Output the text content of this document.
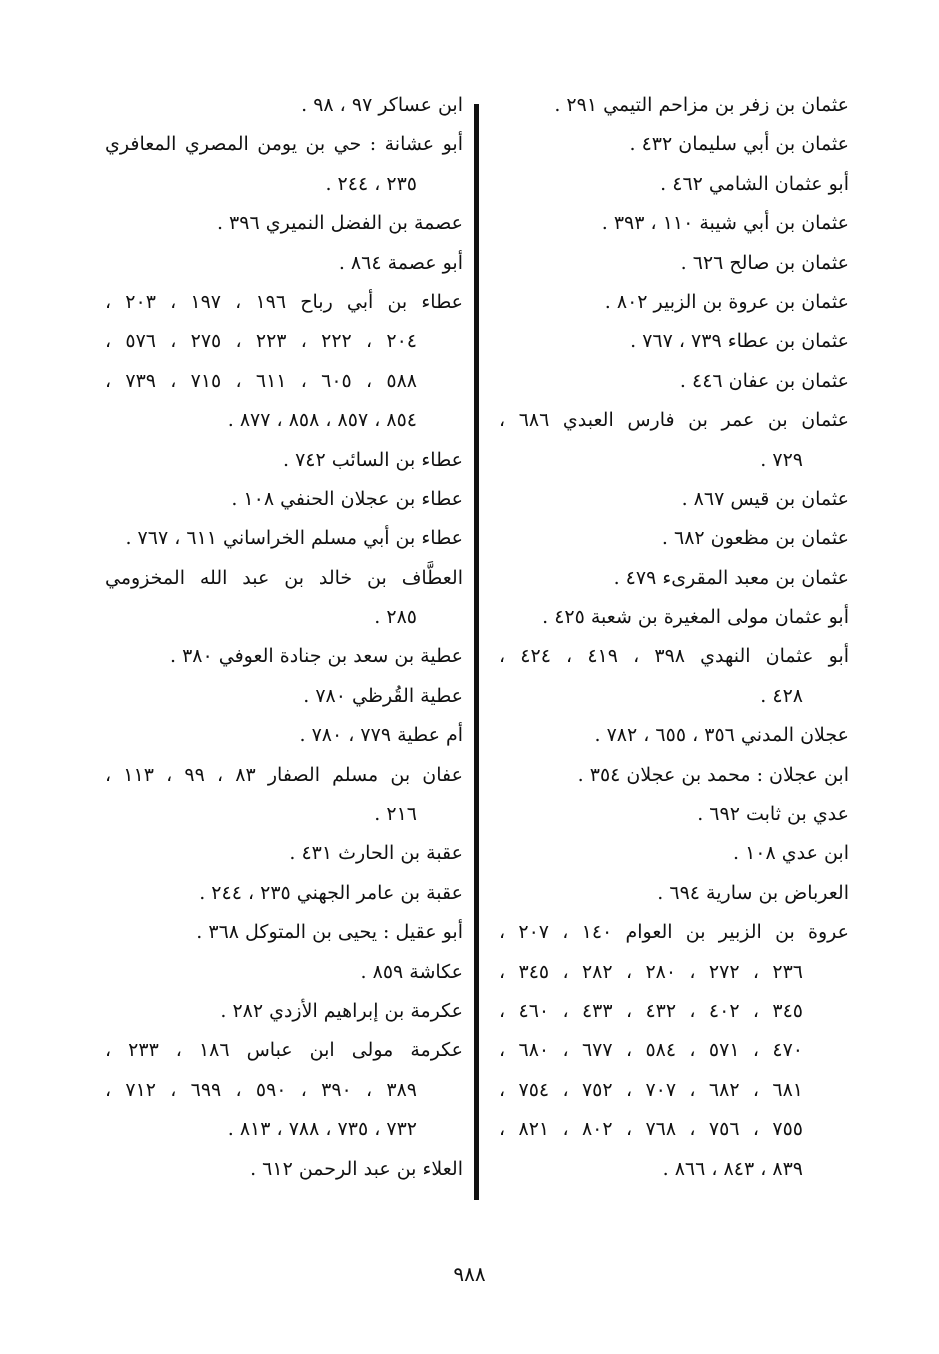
عثمان بن زفر بن مزاحم التيمي ٢٩١ .
عثمان بن أبي سليمان ٤٣٢ .
أبو عثمان الشامي ٤٦٢ .
عثمان بن أبي شيبة ١١٠ ، ٣٩٣ .
عثمان بن صالح ٦٢٦ .
عثمان بن عروة بن الزبير ٨٠٢ .
عثمان بن عطاء ٧٣٩ ، ٧٦٧ .
عثمان بن عفان ٤٤٦ .
عثمان بن عمر بن فارس العبدي ٦٨٦ ،
٧٢٩ .
عثمان بن قيس ٨٦٧ .
عثمان بن مظعون ٦٨٢ .
عثمان بن معبد المقرىء ٤٧٩ .
أبو عثمان مولى المغيرة بن شعبة ٤٢٥ .
أبو عثمان النهدي ٣٩٨ ، ٤١٩ ، ٤٢٤ ،
٤٢٨ .
عجلان المدني ٣٥٦ ، ٦٥٥ ، ٧٨٢ .
ابن عجلان : محمد بن عجلان ٣٥٤ .
عدي بن ثابت ٦٩٢ .
ابن عدي ١٠٨ .
العرباض بن سارية ٦٩٤ .
عروة بن الزبير بن العوام ١٤٠ ، ٢٠٧ ،
٢٣٦ ، ٢٧٢ ، ٢٨٠ ، ٢٨٢ ، ٣٤٥ ،
٣٤٥ ، ٤٠٢ ، ٤٣٢ ، ٤٣٣ ، ٤٦٠ ،
٤٧٠ ، ٥٧١ ، ٥٨٤ ، ٦٧٧ ، ٦٨٠ ،
٦٨١ ، ٦٨٢ ، ٧٠٧ ، ٧٥٢ ، ٧٥٤ ،
٧٥٥ ، ٧٥٦ ، ٧٦٨ ، ٨٠٢ ، ٨٢١ ،
٨٣٩ ، ٨٤٣ ، ٨٦٦ .
ابن عساكر ٩٧ ، ٩٨ .
أبو عشانة : حي بن يومن المصري المعافري
٢٣٥ ، ٢٤٤ .
عصمة بن الفضل النميري ٣٩٦ .
أبو عصمة ٨٦٤ .
عطاء بن أبي رباح ١٩٦ ، ١٩٧ ، ٢٠٣ ،
٢٠٤ ، ٢٢٢ ، ٢٢٣ ، ٢٧٥ ، ٥٧٦ ،
٥٨٨ ، ٦٠٥ ، ٦١١ ، ٧١٥ ، ٧٣٩ ،
٨٥٤ ، ٨٥٧ ، ٨٥٨ ، ٨٧٧ .
عطاء بن السائب ٧٤٢ .
عطاء بن عجلان الحنفي ١٠٨ .
عطاء بن أبي مسلم الخراساني ٦١١ ، ٧٦٧ .
العطَّاف بن خالد بن عبد الله المخزومي
٢٨٥ .
عطية بن سعد بن جنادة العوفي ٣٨٠ .
عطية القُرظي ٧٨٠ .
أم عطية ٧٧٩ ، ٧٨٠ .
عفان بن مسلم الصفار ٨٣ ، ٩٩ ، ١١٣ ،
٢١٦ .
عقبة بن الحارث ٤٣١ .
عقبة بن عامر الجهني ٢٣٥ ، ٢٤٤ .
أبو عقيل : يحيى بن المتوكل ٣٦٨ .
عكاشة ٨٥٩ .
عكرمة بن إبراهيم الأزدي ٢٨٢ .
عكرمة مولى ابن عباس ١٨٦ ، ٢٣٣ ،
٣٨٩ ، ٣٩٠ ، ٥٩٠ ، ٦٩٩ ، ٧١٢ ،
٧٣٢ ، ٧٣٥ ، ٧٨٨ ، ٨١٣ .
العلاء بن عبد الرحمن ٦١٢ .
٩٨٨
